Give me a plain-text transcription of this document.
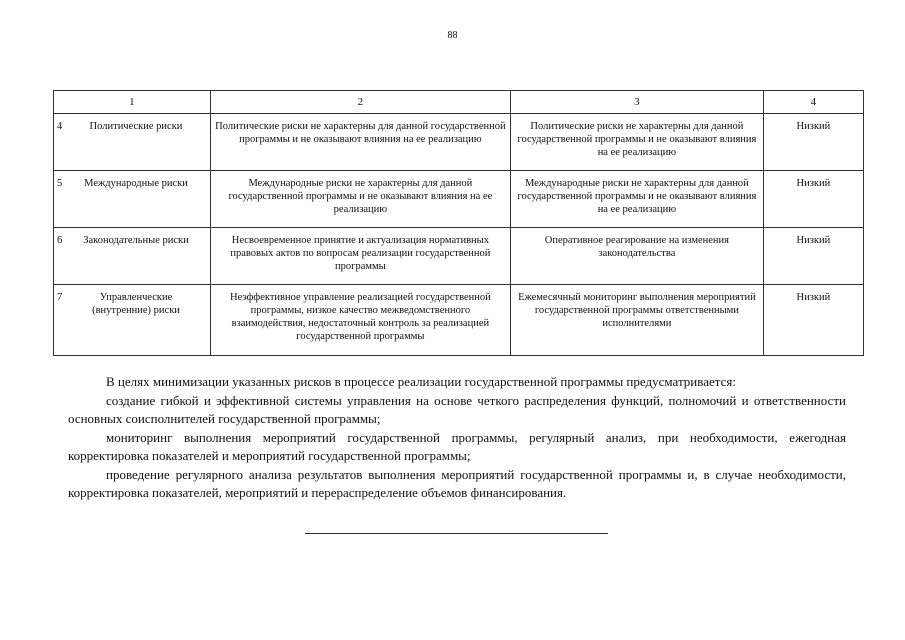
88
1	2	3	4
4 Политические риски	Политические риски не характерны для данной государственной программы и не оказывают влияния на ее реализацию	Политические риски не характерны для данной государственной программы и не оказывают влияния на ее реализацию	Низкий
5 Международные риски	Международные риски не характерны для данной государственной программы и не оказывают влияния на ее реализацию	Международные риски не характерны для данной государственной программы и не оказывают влияния на ее реализацию	Низкий
6 Законодательные риски	Несвоевременное принятие и актуализация нормативных правовых актов по вопросам реализации государственной программы	Оперативное реагирование на изменения законодательства	Низкий
7 Управленческие (внутренние) риски	Неэффективное управление реализацией государственной программы, низкое качество межведомственного взаимодействия, недостаточный контроль за реализацией государственной программы	Ежемесячный мониторинг выполнения мероприятий государственной программы ответственными исполнителями	Низкий

В целях минимизации указанных рисков в процессе реализации государственной программы предусматривается:

создание гибкой и эффективной системы управления на основе четкого распределения функций, полномочий и ответственности основных соисполнителей государственной программы;

мониторинг выполнения мероприятий государственной программы, регулярный анализ, при необходимости, ежегодная корректировка показателей и мероприятий государственной программы;

проведение регулярного анализа результатов выполнения мероприятий государственной программы и, в случае необходимости, корректировка показателей, мероприятий и перераспределение объемов финансирования.
